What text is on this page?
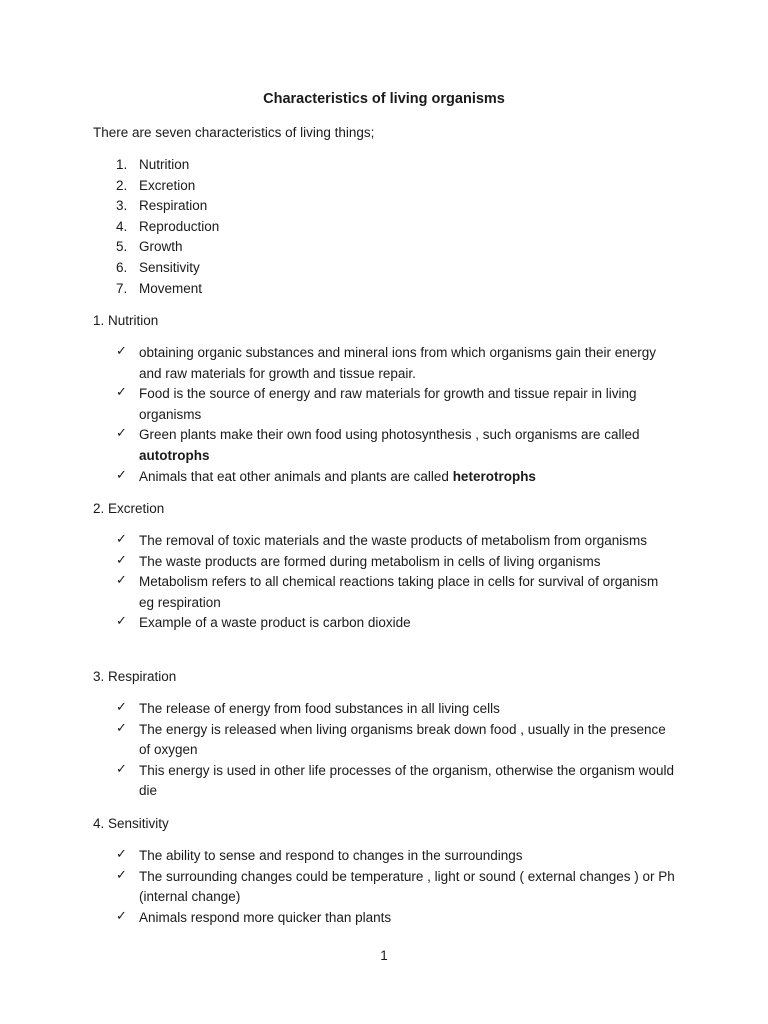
Characteristics of living organisms
There are seven characteristics of living things;
1. Nutrition
2. Excretion
3. Respiration
4. Reproduction
5. Growth
6. Sensitivity
7. Movement
1. Nutrition
✓ obtaining organic substances and mineral ions from which organisms gain their energy and raw materials for growth and tissue repair.
✓ Food is the source of energy and raw materials for growth and tissue repair in living organisms
✓ Green plants make their own food using photosynthesis , such organisms are called
autotrophs
✓ Animals that eat other animals and plants are called heterotrophs
2. Excretion
✓ The removal of toxic materials and the waste products of metabolism from organisms
✓ The waste products are formed during metabolism in cells of living organisms
✓ Metabolism refers to all chemical reactions taking place in cells for survival of organism eg respiration
✓ Example of a waste product is carbon dioxide
3. Respiration
✓ The release of energy from food substances in all living cells
✓ The energy is released when living organisms break down food , usually in the presence of oxygen
✓ This energy is used in other life processes of the organism, otherwise the organism would die
4. Sensitivity
✓ The ability to sense and respond to changes in the surroundings
✓ The surrounding changes could be temperature , light or sound ( external changes ) or Ph (internal change)
✓ Animals respond more quicker than plants
1
